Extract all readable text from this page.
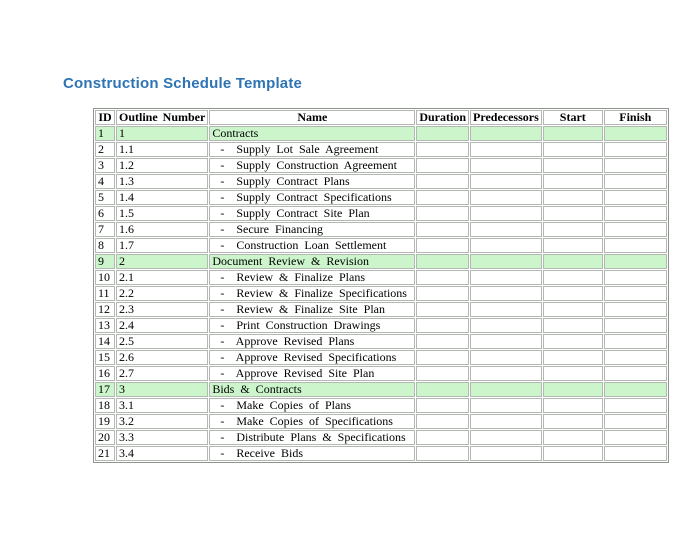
Construction Schedule Template
ID	Outline Number	Name	Duration	Predecessors	Start	Finish
1	1	Contracts				
2	1.1	-  Supply Lot Sale Agreement				
3	1.2	-  Supply Construction Agreement				
4	1.3	-  Supply Contract Plans				
5	1.4	-  Supply Contract Specifications				
6	1.5	-  Supply Contract Site Plan				
7	1.6	-  Secure Financing				
8	1.7	-  Construction Loan Settlement				
9	2	Document Review & Revision				
10	2.1	-  Review & Finalize Plans				
11	2.2	-  Review & Finalize Specifications				
12	2.3	-  Review & Finalize Site Plan				
13	2.4	-  Print Construction Drawings				
14	2.5	-  Approve Revised Plans				
15	2.6	-  Approve Revised Specifications				
16	2.7	-  Approve Revised Site Plan				
17	3	Bids & Contracts				
18	3.1	-  Make Copies of Plans				
19	3.2	-  Make Copies of Specifications				
20	3.3	-  Distribute Plans & Specifications				
21	3.4	-  Receive Bids				
